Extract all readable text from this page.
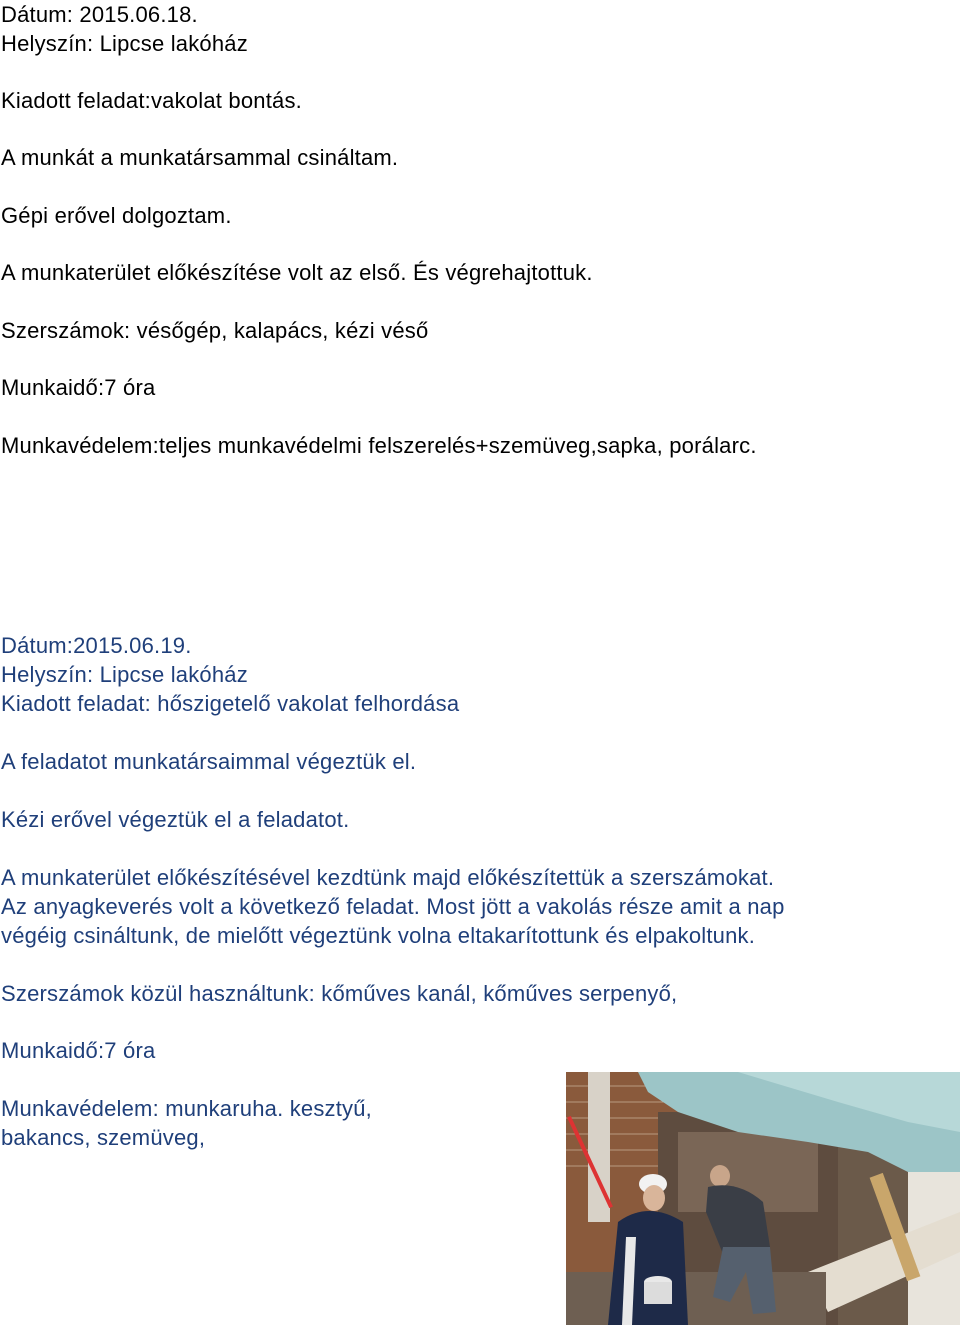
Dátum: 2015.06.18.

Helyszín: Lipcse lakóház

Kiadott feladat:vakolat bontás.

A munkát a munkatársammal csináltam.

Gépi erővel dolgoztam.

A munkaterület előkészítése volt az első. És végrehajtottuk.

Szerszámok: vésőgép, kalapács, kézi véső

Munkaidő:7 óra

Munkavédelem:teljes munkavédelmi felszerelés+szemüveg,sapka, porálarc.

Dátum:2015.06.19.

Helyszín: Lipcse lakóház

Kiadott feladat: hőszigetelő vakolat felhordása

A feladatot munkatársaimmal végeztük el.

Kézi erővel végeztük el a feladatot.

A munkaterület előkészítésével kezdtünk majd előkészítettük a szerszámokat.

Az anyagkeverés volt a következő feladat. Most jött a vakolás része amit a nap

végéig csináltunk, de mielőtt végeztünk volna eltakarítottunk és elpakoltunk.

Szerszámok közül használtunk: kőműves kanál, kőműves serpenyő,

Munkaidő:7 óra

Munkavédelem: munkaruha. kesztyű,

bakancs, szemüveg,
